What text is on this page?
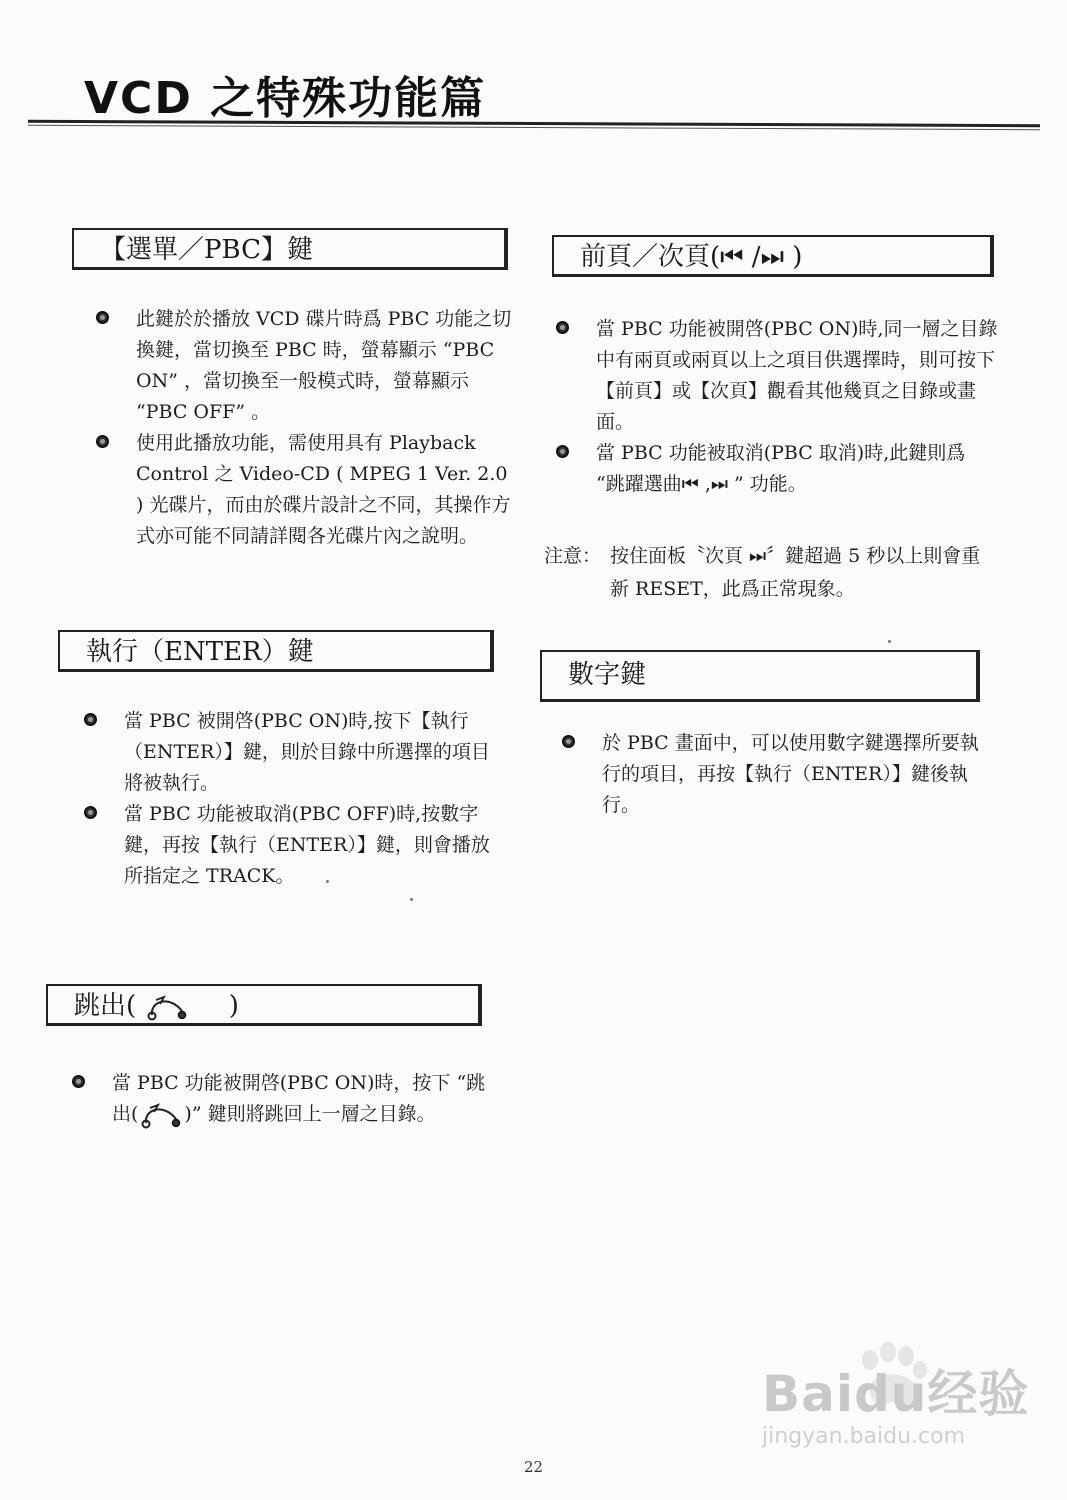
VCD 之特殊功能篇
【選單／PBC】鍵
此鍵於於播放 VCD 碟片時爲 PBC 功能之切換鍵，當切換至 PBC 時，螢幕顯示 “PBC ON” ，當切換至一般模式時，螢幕顯示 “PBC OFF” 。
使用此播放功能，需使用具有 Playback Control 之 Video-CD ( MPEG 1 Ver. 2.0 ) 光碟片，而由於碟片設計之不同，其操作方式亦可能不同請詳閱各光碟片內之說明。
執行（ENTER）鍵
當 PBC 被開啓(PBC ON)時,按下【執行（ENTER）】鍵，則於目錄中所選擇的項目將被執行。
當 PBC 功能被取消(PBC OFF)時,按數字鍵，再按【執行（ENTER）】鍵，則會播放所指定之 TRACK。
跳出(	)
當 PBC 功能被開啓(PBC ON)時，按下 “跳出( )” 鍵則將跳回上一層之目錄。
前頁／次頁(⏮ /⏭ )
當 PBC 功能被開啓(PBC ON)時,同一層之目錄中有兩頁或兩頁以上之項目供選擇時，則可按下【前頁】或【次頁】觀看其他幾頁之目錄或畫面。
當 PBC 功能被取消(PBC 取消)時,此鍵則爲 “跳躍選曲⏮ ,⏭ ” 功能。
注意： 按住面板〝次頁 ⏭〞鍵超過 5 秒以上則會重新 RESET，此爲正常現象。
數字鍵
於 PBC 畫面中，可以使用數字鍵選擇所要執行的項目，再按【執行（ENTER）】鍵後執行。
Baidu经验
jingyan.baidu.com
22
